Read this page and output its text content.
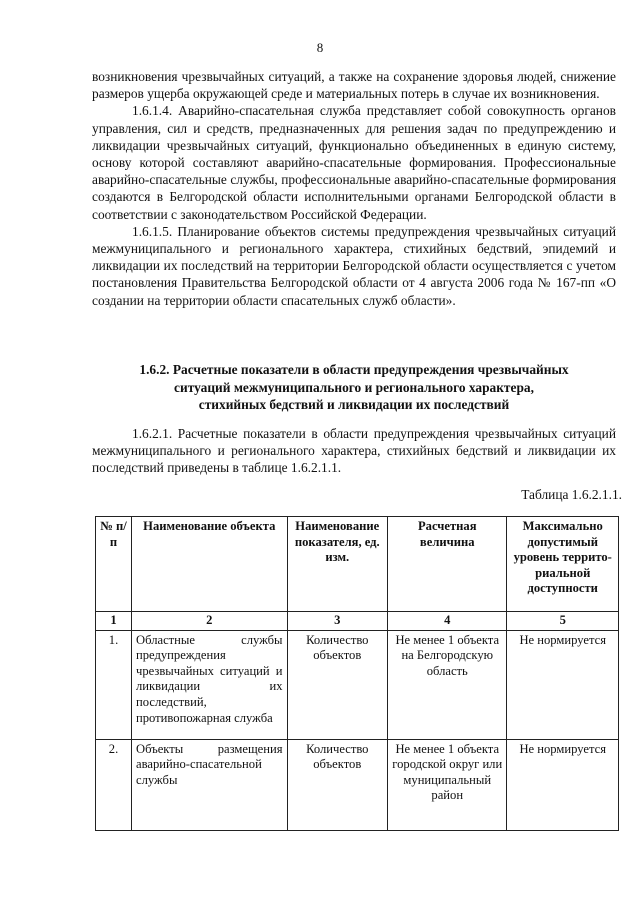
8

возникновения чрезвычайных ситуаций, а также на сохранение здоровья людей, снижение размеров ущерба окружающей среде и материальных потерь в случае их возникновения.

1.6.1.4. Аварийно-спасательная служба представляет собой совокупность органов управления, сил и средств, предназначенных для решения задач по предупреждению и ликвидации чрезвычайных ситуаций, функционально объединенных в единую систему, основу которой составляют аварийно-спасательные формирования. Профессиональные аварийно-спасательные службы, профессиональные аварийно-спасательные формирования создаются в Белгородской области исполнительными органами Белгородской области в соответствии с законодательством Российской Федерации.

1.6.1.5. Планирование объектов системы предупреждения чрезвычайных ситуаций межмуниципального и регионального характера, стихийных бедствий, эпидемий и ликвидации их последствий на территории Белгородской области осуществляется с учетом постановления Правительства Белгородской области от 4 августа 2006 года № 167-пп «О создании на территории области спасательных служб области».

1.6.2. Расчетные показатели в области предупреждения чрезвычайных
ситуаций межмуниципального и регионального характера,
стихийных бедствий и ликвидации их последствий

1.6.2.1. Расчетные показатели в области предупреждения чрезвычайных ситуаций межмуниципального и регионального характера, стихийных бедствий и ликвидации их последствий приведены в таблице 1.6.2.1.1.

Таблица 1.6.2.1.1.
№ п/п	Наименование объекта	Наименование показателя, ед. изм.	Расчетная величина	Максимально допустимый уровень террито-риальной доступности
1	2	3	4	5
1.	Областные службы предупреждения чрезвычайных ситуаций и ликвидации их последствий, противопожарная служба	Количество объектов	Не менее 1 объекта на Белгородскую область	Не нормируется
2.	Объекты размещения аварийно-спасательной службы	Количество объектов	Не менее 1 объекта городской округ или муниципальный район	Не нормируется
